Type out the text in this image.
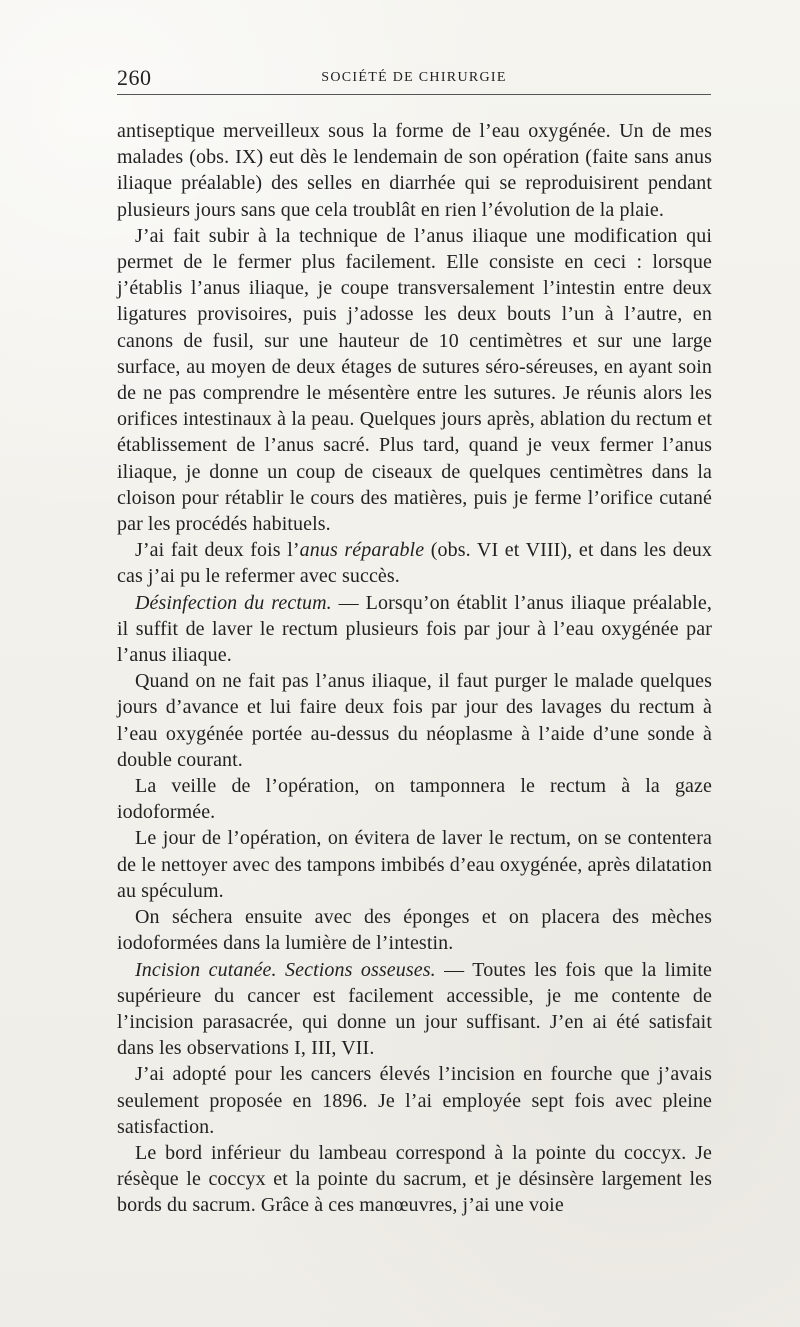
260	SOCIÉTÉ DE CHIRURGIE

antiseptique merveilleux sous la forme de l’eau oxygénée. Un de mes malades (obs. IX) eut dès le lendemain de son opération (faite sans anus iliaque préalable) des selles en diarrhée qui se reproduisirent pendant plusieurs jours sans que cela troublât en rien l’évolution de la plaie.

J’ai fait subir à la technique de l’anus iliaque une modification qui permet de le fermer plus facilement. Elle consiste en ceci : lorsque j’établis l’anus iliaque, je coupe transversalement l’intestin entre deux ligatures provisoires, puis j’adosse les deux bouts l’un à l’autre, en canons de fusil, sur une hauteur de 10 centimètres et sur une large surface, au moyen de deux étages de sutures séro-séreuses, en ayant soin de ne pas comprendre le mésentère entre les sutures. Je réunis alors les orifices intestinaux à la peau. Quelques jours après, ablation du rectum et établissement de l’anus sacré. Plus tard, quand je veux fermer l’anus iliaque, je donne un coup de ciseaux de quelques centimètres dans la cloison pour rétablir le cours des matières, puis je ferme l’orifice cutané par les procédés habituels.

J’ai fait deux fois l’anus réparable (obs. VI et VIII), et dans les deux cas j’ai pu le refermer avec succès.

Désinfection du rectum. — Lorsqu’on établit l’anus iliaque préalable, il suffit de laver le rectum plusieurs fois par jour à l’eau oxygénée par l’anus iliaque.

Quand on ne fait pas l’anus iliaque, il faut purger le malade quelques jours d’avance et lui faire deux fois par jour des lavages du rectum à l’eau oxygénée portée au-dessus du néoplasme à l’aide d’une sonde à double courant.

La veille de l’opération, on tamponnera le rectum à la gaze iodoformée.

Le jour de l’opération, on évitera de laver le rectum, on se contentera de le nettoyer avec des tampons imbibés d’eau oxygénée, après dilatation au spéculum.

On séchera ensuite avec des éponges et on placera des mèches iodoformées dans la lumière de l’intestin.

Incision cutanée. Sections osseuses. — Toutes les fois que la limite supérieure du cancer est facilement accessible, je me contente de l’incision parasacrée, qui donne un jour suffisant. J’en ai été satisfait dans les observations I, III, VII.

J’ai adopté pour les cancers élevés l’incision en fourche que j’avais seulement proposée en 1896. Je l’ai employée sept fois avec pleine satisfaction.

Le bord inférieur du lambeau correspond à la pointe du coccyx. Je résèque le coccyx et la pointe du sacrum, et je désinsère largement les bords du sacrum. Grâce à ces manœuvres, j’ai une voie
